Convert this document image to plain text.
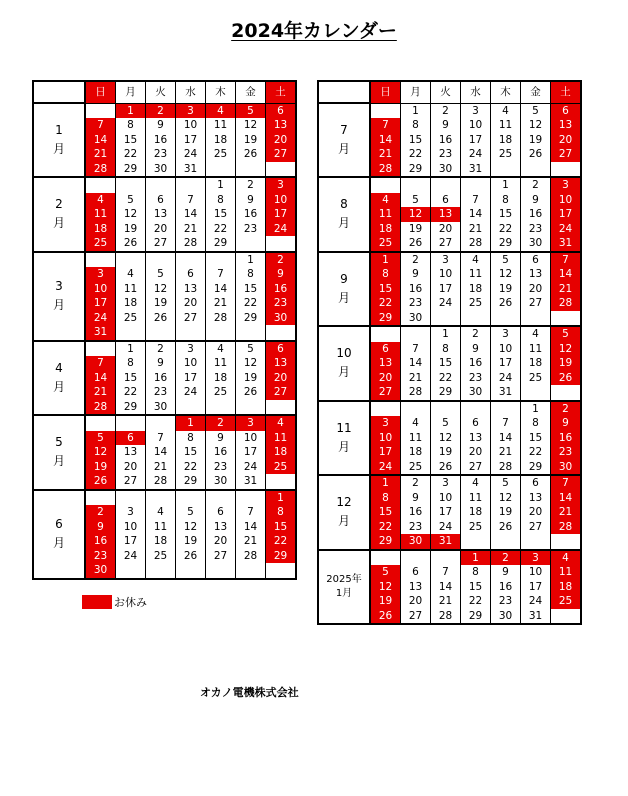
2024年カレンダー
	日	月	火	水	木	金	土

1
月		1	2	3	4	5	6
	7	8	9	10	11	12	13
	14	15	16	17	18	19	20
	21	22	23	24	25	26	27
	28	29	30	31			

2
月					1	2	3
	4	5	6	7	8	9	10
	11	12	13	14	15	16	17
	18	19	20	21	22	23	24
	25	26	27	28	29		

3
月						1	2
	3	4	5	6	7	8	9
	10	11	12	13	14	15	16
	17	18	19	20	21	22	23
	24	25	26	27	28	29	30
	31						

4
月		1	2	3	4	5	6
	7	8	9	10	11	12	13
	14	15	16	17	18	19	20
	21	22	23	24	25	26	27
	28	29	30				

5
月				1	2	3	4
	5	6	7	8	9	10	11
	12	13	14	15	16	17	18
	19	20	21	22	23	24	25
	26	27	28	29	30	31	

6
月							1
	2	3	4	5	6	7	8
	9	10	11	12	13	14	15
	16	17	18	19	20	21	22
	23	24	25	26	27	28	29
	30						
	日	月	火	水	木	金	土

7
月		1	2	3	4	5	6
	7	8	9	10	11	12	13
	14	15	16	17	18	19	20
	21	22	23	24	25	26	27
	28	29	30	31			

8
月					1	2	3
	4	5	6	7	8	9	10
	11	12	13	14	15	16	17
	18	19	20	21	22	23	24
	25	26	27	28	29	30	31

9
月	1	2	3	4	5	6	7
	8	9	10	11	12	13	14
	15	16	17	18	19	20	21
	22	23	24	25	26	27	28
	29	30					

10
月			1	2	3	4	5
	6	7	8	9	10	11	12
	13	14	15	16	17	18	19
	20	21	22	23	24	25	26
	27	28	29	30	31		

11
月						1	2
	3	4	5	6	7	8	9
	10	11	12	13	14	15	16
	17	18	19	20	21	22	23
	24	25	26	27	28	29	30

12
月	1	2	3	4	5	6	7
	8	9	10	11	12	13	14
	15	16	17	18	19	20	21
	22	23	24	25	26	27	28
	29	30	31				

2025年
1月				1	2	3	4
	5	6	7	8	9	10	11
	12	13	14	15	16	17	18
	19	20	21	22	23	24	25
	26	27	28	29	30	31	
お休み
オカノ電機株式会社
